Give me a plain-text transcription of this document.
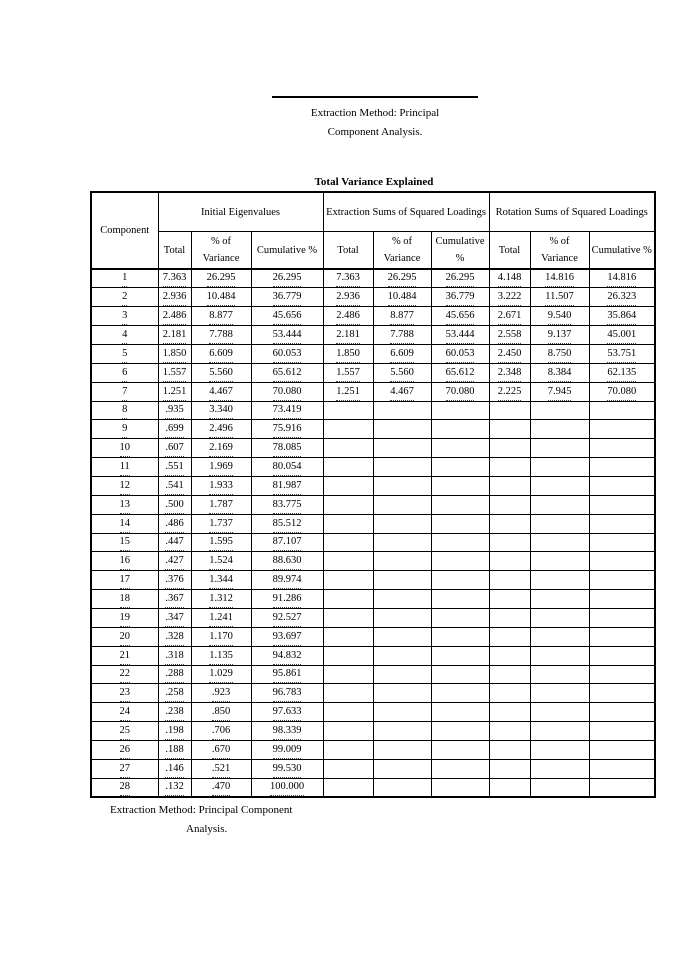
Extraction Method: Principal
Component Analysis.
Total Variance Explained
Component	Initial Eigenvalues			Extraction Sums of Squared Loadings			Rotation Sums of Squared Loadings		
	Total	% of Variance	Cumulative %	Total	% of Variance	Cumulative %	Total	% of Variance	Cumulative %
1	7.363	26.295	26.295	7.363	26.295	26.295	4.148	14.816	14.816
2	2.936	10.484	36.779	2.936	10.484	36.779	3.222	11.507	26.323
3	2.486	8.877	45.656	2.486	8.877	45.656	2.671	9.540	35.864
4	2.181	7.788	53.444	2.181	7.788	53.444	2.558	9.137	45.001
5	1.850	6.609	60.053	1.850	6.609	60.053	2.450	8.750	53.751
6	1.557	5.560	65.612	1.557	5.560	65.612	2.348	8.384	62.135
7	1.251	4.467	70.080	1.251	4.467	70.080	2.225	7.945	70.080
8	.935	3.340	73.419						
9	.699	2.496	75.916						
10	.607	2.169	78.085						
11	.551	1.969	80.054						
12	.541	1.933	81.987						
13	.500	1.787	83.775						
14	.486	1.737	85.512						
15	.447	1.595	87.107						
16	.427	1.524	88.630						
17	.376	1.344	89.974						
18	.367	1.312	91.286						
19	.347	1.241	92.527						
20	.328	1.170	93.697						
21	.318	1.135	94.832						
22	.288	1.029	95.861						
23	.258	.923	96.783						
24	.238	.850	97.633						
25	.198	.706	98.339						
26	.188	.670	99.009						
27	.146	.521	99.530						
28	.132	.470	100.000						
Extraction Method: Principal Component
Analysis.
